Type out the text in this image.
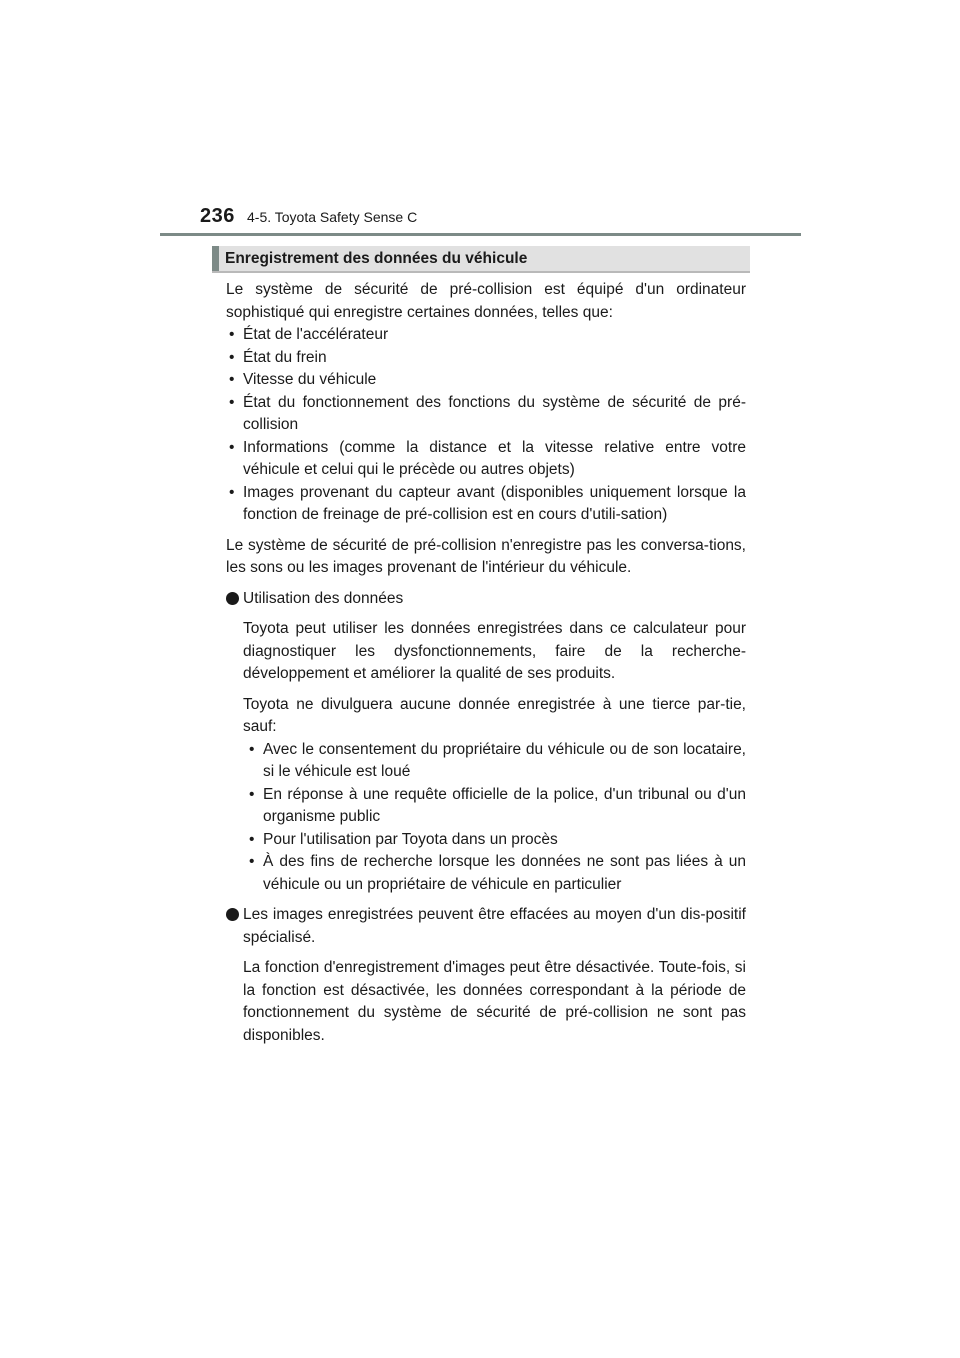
236 4-5. Toyota Safety Sense C
Enregistrement des données du véhicule

Le système de sécurité de pré-collision est équipé d'un ordinateur sophistiqué qui enregistre certaines données, telles que:

• État de l'accélérateur
• État du frein
• Vitesse du véhicule
• État du fonctionnement des fonctions du système de sécurité de pré-collision
• Informations (comme la distance et la vitesse relative entre votre véhicule et celui qui le précède ou autres objets)
• Images provenant du capteur avant (disponibles uniquement lorsque la fonction de freinage de pré-collision est en cours d'utili-sation)

Le système de sécurité de pré-collision n'enregistre pas les conversa-tions, les sons ou les images provenant de l'intérieur du véhicule.

Utilisation des données

Toyota peut utiliser les données enregistrées dans ce calculateur pour diagnostiquer les dysfonctionnements, faire de la recherche-développement et améliorer la qualité de ses produits.

Toyota ne divulguera aucune donnée enregistrée à une tierce par-tie, sauf:

• Avec le consentement du propriétaire du véhicule ou de son locataire, si le véhicule est loué
• En réponse à une requête officielle de la police, d'un tribunal ou d'un organisme public
• Pour l'utilisation par Toyota dans un procès
• À des fins de recherche lorsque les données ne sont pas liées à un véhicule ou un propriétaire de véhicule en particulier
Les images enregistrées peuvent être effacées au moyen d'un dis-positif spécialisé.

La fonction d'enregistrement d'images peut être désactivée. Toute-fois, si la fonction est désactivée, les données correspondant à la période de fonctionnement du système de sécurité de pré-collision ne sont pas disponibles.
